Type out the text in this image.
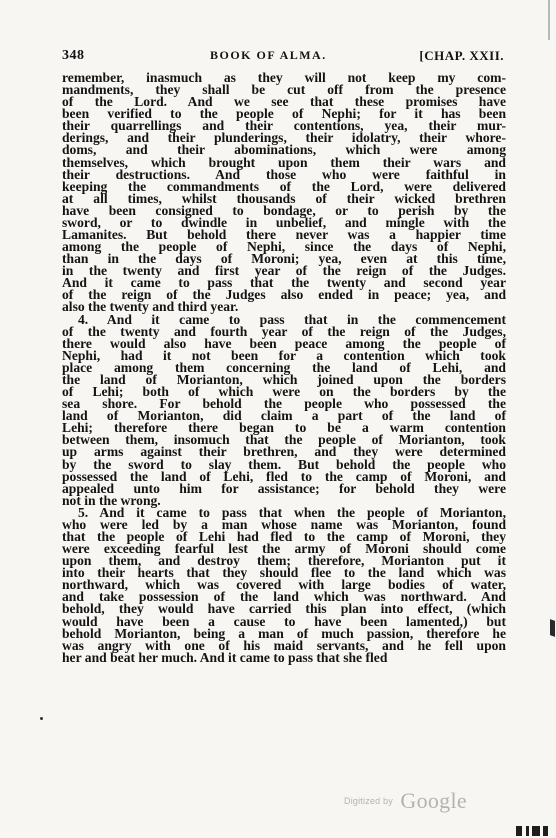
348	BOOK OF ALMA.	[CHAP. XXII.
remember, inasmuch as they will not keep my com-
mandments, they shall be cut off from the presence
of the Lord. And we see that these promises have
been verified to the people of Nephi; for it has been
their quarrellings and their contentions, yea, their mur-
derings, and their plunderings, their idolatry, their whore-
doms, and their abominations, which were among
themselves, which brought upon them their wars and
their destructions. And those who were faithful in
keeping the commandments of the Lord, were delivered
at all times, whilst thousands of their wicked brethren
have been consigned to bondage, or to perish by the
sword, or to dwindle in unbelief, and mingle with the
Lamanites. But behold there never was a happier time
among the people of Nephi, since the days of Nephi,
than in the days of Moroni; yea, even at this time,
in the twenty and first year of the reign of the Judges.
And it came to pass that the twenty and second year
of the reign of the Judges also ended in peace; yea, and
also the twenty and third year.
4. And it came to pass that in the commencement
of the twenty and fourth year of the reign of the Judges,
there would also have been peace among the people of
Nephi, had it not been for a contention which took
place among them concerning the land of Lehi, and
the land of Morianton, which joined upon the borders
of Lehi; both of which were on the borders by the
sea shore. For behold the people who possessed the
land of Morianton, did claim a part of the land of
Lehi; therefore there began to be a warm contention
between them, insomuch that the people of Morianton, took
up arms against their brethren, and they were determined
by the sword to slay them. But behold the people who
possessed the land of Lehi, fled to the camp of Moroni, and
appealed unto him for assistance; for behold they were
not in the wrong.
5. And it came to pass that when the people of Morianton,
who were led by a man whose name was Morianton, found
that the people of Lehi had fled to the camp of Moroni, they
were exceeding fearful lest the army of Moroni should come
upon them, and destroy them; therefore, Morianton put it
into their hearts that they should flee to the land which was
northward, which was covered with large bodies of water,
and take possession of the land which was northward. And
behold, they would have carried this plan into effect, (which
would have been a cause to have been lamented,) but
behold Morianton, being a man of much passion, therefore he
was angry with one of his maid servants, and he fell upon
her and beat her much. And it came to pass that she fled
Digitized by Google
